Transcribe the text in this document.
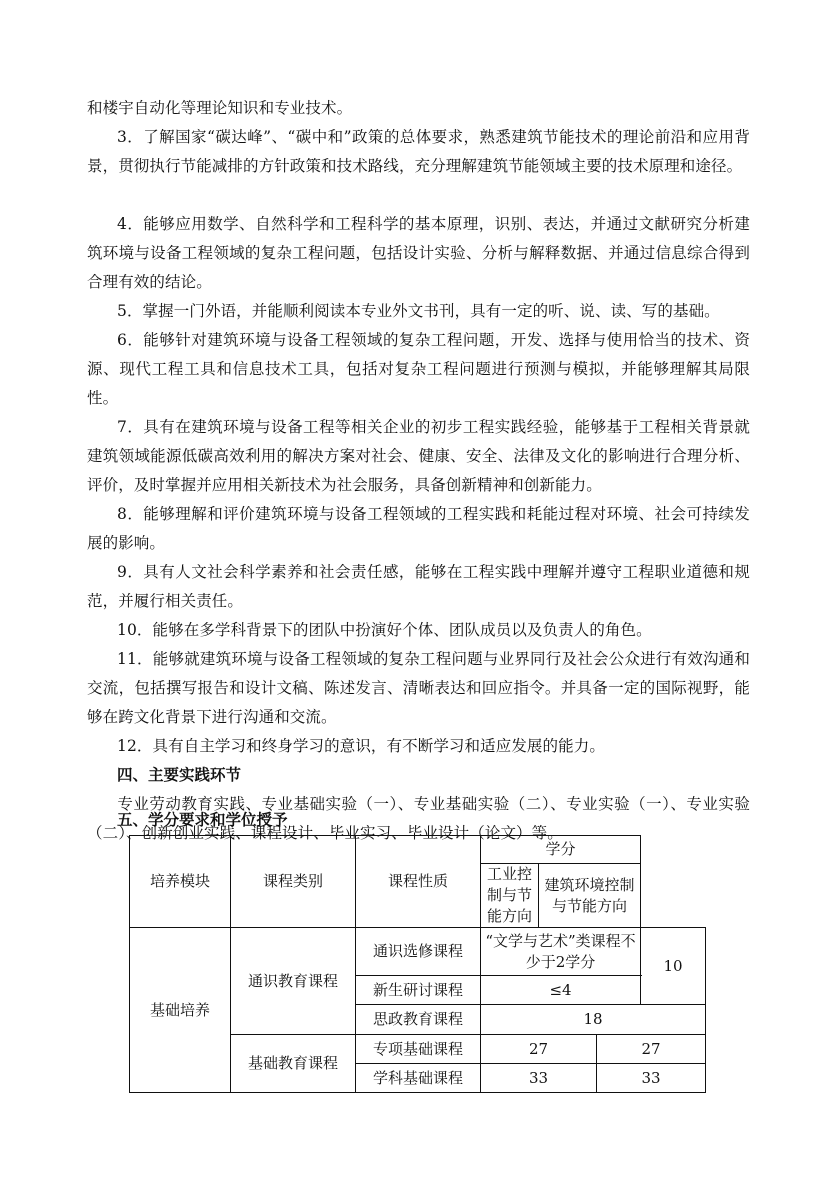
和楼宇自动化等理论知识和专业技术。
3．了解国家“碳达峰”、“碳中和”政策的总体要求，熟悉建筑节能技术的理论前沿和应用背景，贯彻执行节能减排的方针政策和技术路线，充分理解建筑节能领域主要的技术原理和途径。
4．能够应用数学、自然科学和工程科学的基本原理，识别、表达，并通过文献研究分析建筑环境与设备工程领域的复杂工程问题，包括设计实验、分析与解释数据、并通过信息综合得到合理有效的结论。
5．掌握一门外语，并能顺利阅读本专业外文书刊，具有一定的听、说、读、写的基础。
6．能够针对建筑环境与设备工程领域的复杂工程问题，开发、选择与使用恰当的技术、资源、现代工程工具和信息技术工具，包括对复杂工程问题进行预测与模拟，并能够理解其局限性。
7．具有在建筑环境与设备工程等相关企业的初步工程实践经验，能够基于工程相关背景就建筑领域能源低碳高效利用的解决方案对社会、健康、安全、法律及文化的影响进行合理分析、评价，及时掌握并应用相关新技术为社会服务，具备创新精神和创新能力。
8．能够理解和评价建筑环境与设备工程领域的工程实践和耗能过程对环境、社会可持续发展的影响。
9．具有人文社会科学素养和社会责任感，能够在工程实践中理解并遵守工程职业道德和规范，并履行相关责任。
10．能够在多学科背景下的团队中扮演好个体、团队成员以及负责人的角色。
11．能够就建筑环境与设备工程领域的复杂工程问题与业界同行及社会公众进行有效沟通和交流，包括撰写报告和设计文稿、陈述发言、清晰表达和回应指令。并具备一定的国际视野，能够在跨文化背景下进行沟通和交流。
12．具有自主学习和终身学习的意识，有不断学习和适应发展的能力。
四、主要实践环节
专业劳动教育实践、专业基础实验（一）、专业基础实验（二）、专业实验（一）、专业实验（二）、创新创业实践、课程设计、毕业实习、毕业设计（论文）等。
五、学分要求和学位授予
培养模块	课程类别	课程性质	学分			
			工业控制与节能方向	建筑环境控制与节能方向		
基础培养	通识教育课程	通识选修课程	“文学与艺术”类课程不少于2学分			10
		新生研讨课程	≤4			
		思政教育课程	18			
	基础教育课程	专项基础课程	27		27	
		学科基础课程	33		33	
